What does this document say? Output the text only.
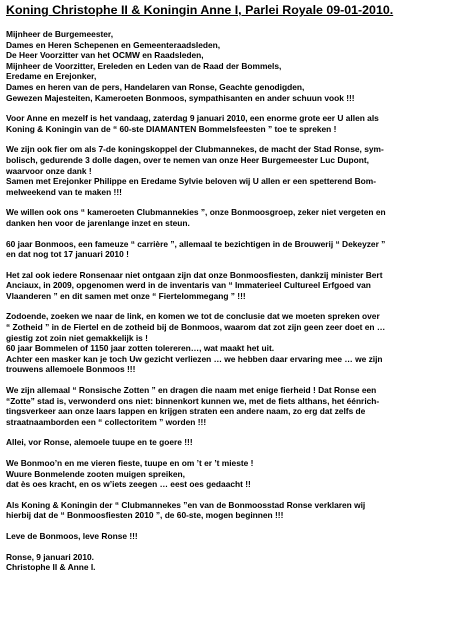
Koning Christophe II & Koningin Anne I, Parlei Royale 09-01-2010.
Mijnheer de Burgemeester,
Dames en Heren Schepenen en Gemeenteraadsleden,
De Heer Voorzitter van het OCMW en Raadsleden,
Mijnheer de Voorzitter, Ereleden en Leden van de Raad der Bommels,
Eredame en Erejonker,
Dames en heren van de pers, Handelaren van Ronse, Geachte genodigden,
Gewezen Majesteiten, Kameroeten Bonmoos, sympathisanten en ander schuun vook !!!
Voor Anne en mezelf is het vandaag, zaterdag 9 januari 2010, een enorme grote eer U allen als
Koning & Koningin van de “ 60-ste DIAMANTEN Bommelsfeesten ” toe te spreken !
We zijn ook fier om als 7-de koningskoppel der Clubmannekes, de macht der Stad Ronse, sym-
bolisch, gedurende 3 dolle dagen, over te nemen van onze Heer Burgemeester Luc Dupont,
waarvoor onze dank !
Samen met Erejonker Philippe en Eredame Sylvie beloven wij U allen er een spetterend Bom-
melweekend van te maken !!!
We willen ook ons “ kameroeten Clubmannekies ”, onze Bonmoosgroep, zeker niet vergeten en
danken hen voor de jarenlange inzet en steun.
60 jaar Bonmoos, een fameuze “ carrière ”, allemaal te bezichtigen in de Brouwerij “ Dekeyzer ”
en dat nog tot 17 januari 2010 !
Het zal ook iedere Ronsenaar niet ontgaan zijn dat onze Bonmoosfiesten, dankzij minister Bert
Anciaux, in 2009, opgenomen werd in de inventaris van “ Immaterieel Cultureel Erfgoed van
Vlaanderen ” en dit samen met onze “ Fiertelommegang ” !!!
Zodoende, zoeken we naar de link, en komen we tot de conclusie dat we moeten spreken over
“ Zotheid ” in de Fiertel en de zotheid bij de Bonmoos, waarom dat zot zijn geen zeer doet en …
giestig zot zoin niet gemakkelijk is !
60 jaar Bommelen of 1150 jaar zotten tolereren…, wat maakt het uit.
Achter een masker kan je toch Uw gezicht verliezen … we hebben daar ervaring mee … we zijn
trouwens allemoele Bonmoos !!!
We zijn allemaal “ Ronsische Zotten ” en dragen die naam met enige fierheid ! Dat Ronse een
“Zotte” stad is, verwonderd ons niet: binnenkort kunnen we, met de fiets althans, het éénrich-
tingsverkeer aan onze laars lappen en krijgen straten een andere naam, zo erg dat zelfs de
straatnaamborden een “ collectoritem ” worden !!!
Allei, vor Ronse, alemoele tuupe en te goere !!!
We Bonmoo’n en me vieren fieste, tuupe en om ’t er ’t mieste !
Wuure Bonmelende zooten muigen spreiken,
dat ès oes kracht, en os w’iets zeegen … eest oes gedaacht !!
Als Koning & Koningin der “ Clubmannekes ”en van de Bonmoosstad Ronse verklaren wij
hierbij dat de “ Bonmoosfiesten 2010 ”, de 60-ste, mogen beginnen !!!
Leve de Bonmoos, leve Ronse !!!
Ronse, 9 januari 2010.
Christophe II & Anne I.
